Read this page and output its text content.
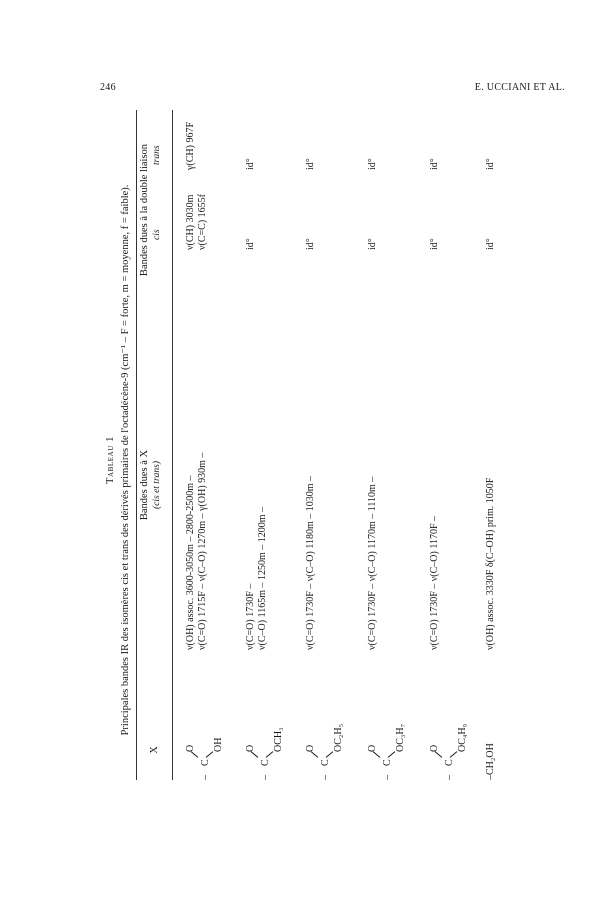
246	E. UCCIANI ET AL.
Tableau 1 Principales bandes IR des isomères cis et trans des dérivés primaires de l'octadécène-9 (cm⁻¹ – F = forte, m = moyenne, f = faible).
X
Bandes dues à X (cis et trans)
Bandes dues à la double liaison cis
trans
–
C
O OH
ν(OH) assoc. 3600-3050m – 2800-2500m – ν(C=O) 1715F – ν(C–O) 1270m – γ(OH) 930m –
ν(CH) 3030m ν(C=C) 1655f
γ(CH) 967F
–
C
O OCH₃
ν(C=O) 1730F – ν(C–O) 1165m – 1250m – 1200m –
id°
id°
–
C
O OC₂H₅
ν(C=O) 1730F – ν(C–O) 1180m – 1030m –
id°
id°
–
C
O OC₃H₇
ν(C=O) 1730F – ν(C–O) 1170m – 1110m –
id°
id°
–
C
O OC₄H₉
ν(C=O) 1730F – ν(C–O) 1170F –
id°
id°
–CH₂OH
ν(OH) assoc. 3330F δ(C–OH) prim. 1050F
id°
id°
